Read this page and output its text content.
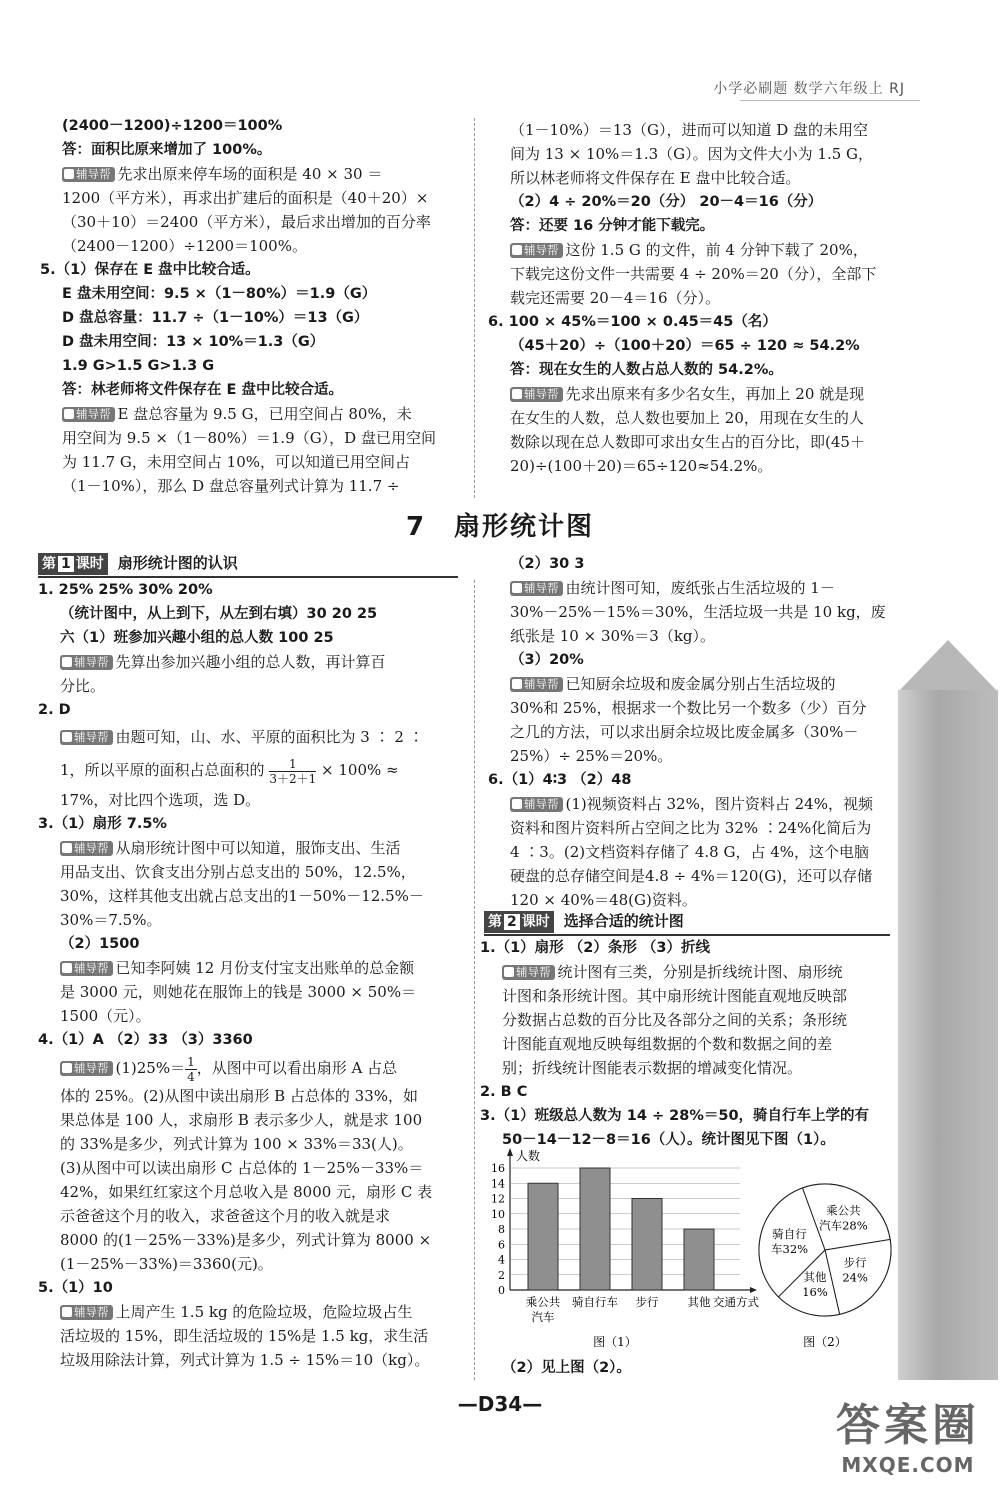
小学必刷题 数学六年级上 RJ

(2400－1200)÷1200＝100%

答：面积比原来增加了 100%。

辅导帮 先求出原来停车场的面积是 40 × 30 ＝

1200（平方米），再求出扩建后的面积是（40＋20）×

（30＋10）＝2400（平方米），最后求出增加的百分率

（2400－1200）÷1200＝100%。

5.（1）保存在 E 盘中比较合适。

E 盘未用空间：9.5 ×（1－80%）＝1.9（G）

D 盘总容量：11.7 ÷（1－10%）＝13（G）

D 盘未用空间：13 × 10%＝1.3（G）

1.9 G>1.5 G>1.3 G

答：林老师将文件保存在 E 盘中比较合适。

辅导帮 E 盘总容量为 9.5 G，已用空间占 80%，未

用空间为 9.5 ×（1－80%）＝1.9（G），D 盘已用空间

为 11.7 G，未用空间占 10%，可以知道已用空间占

（1－10%），那么 D 盘总容量列式计算为 11.7 ÷

（1－10%）＝13（G），进而可以知道 D 盘的未用空

间为 13 × 10%＝1.3（G）。因为文件大小为 1.5 G，

所以林老师将文件保存在 E 盘中比较合适。

（2）4 ÷ 20%＝20（分） 20－4＝16（分）

答：还要 16 分钟才能下载完。

辅导帮 这份 1.5 G 的文件，前 4 分钟下载了 20%，

下载完这份文件一共需要 4 ÷ 20%＝20（分），全部下

载完还需要 20－4＝16（分）。

6. 100 × 45%＝100 × 0.45＝45（名）

（45＋20）÷（100＋20）＝65 ÷ 120 ≈ 54.2%

答：现在女生的人数占总人数的 54.2%。

辅导帮 先求出原来有多少名女生，再加上 20 就是现

在女生的人数，总人数也要加上 20，用现在女生的人

数除以现在总人数即可求出女生占的百分比，即(45＋

20)÷(100＋20)＝65÷120≈54.2%。

7 扇形统计图
第 1 课时 扇形统计图的认识

1. 25% 25% 30% 20%

（统计图中，从上到下，从左到右填）30 20 25

六（1）班参加兴趣小组的总人数 100 25

辅导帮 先算出参加兴趣小组的总人数，再计算百

分比。

2. D

辅导帮 由题可知，山、水、平原的面积比为 3 ∶ 2 ∶

1，所以平原的面积占总面积的 $\frac{1}{3+2+1} \times 100\%$ ≈

17%，对比四个选项，选 D。

3.（1）扇形 7.5%

辅导帮 从扇形统计图中可以知道，服饰支出、生活

用品支出、饮食支出分别占总支出的 50%，12.5%，

30%，这样其他支出就占总支出的1－50%－12.5%－

30%＝7.5%。

（2）1500

辅导帮 已知李阿姨 12 月份支付宝支出账单的总金额

是 3000 元，则她花在服饰上的钱是 3000 × 50%＝

1500（元）。

4.（1）A （2）33 （3）3360

辅导帮 $(1)25\%= \frac{1}{4}$ ，从图中可以看出扇形 A 占总

体的 25%。(2)从图中读出扇形 B 占总体的 33%，如

果总体是 100 人，求扇形 B 表示多少人，就是求 100

的 33%是多少，列式计算为 100 × 33%＝33(人)。

(3)从图中可以读出扇形 C 占总体的 1－25%－33%＝

42%，如果红红家这个月总收入是 8000 元，扇形 C 表

示爸爸这个月的收入，求爸爸这个月的收入就是求

8000 的(1－25%－33%)是多少，列式计算为 8000 ×

(1－25%－33%)＝3360(元)。

5.（1）10

辅导帮 上周产生 1.5 kg 的危险垃圾，危险垃圾占生

活垃圾的 15%，即生活垃圾的 15%是 1.5 kg，求生活

垃圾用除法计算，列式计算为 1.5 ÷ 15%＝10（kg）。

（2）30 3

辅导帮 由统计图可知，废纸张占生活垃圾的 1－

30%－25%－15%＝30%，生活垃圾一共是 10 kg，废

纸张是 10 × 30%＝3（kg）。

（3）20%

辅导帮 已知厨余垃圾和废金属分别占生活垃圾的

30%和 25%，根据求一个数比另一个数多（少）百分

之几的方法，可以求出厨余垃圾比废金属多（30%－

25%）÷ 25%＝20%。

6.（1）4∶3 （2）48

辅导帮 (1)视频资料占 32%，图片资料占 24%，视频

资料和图片资料所占空间之比为 32% ∶24%化简后为

4 ∶3。(2)文档资料存储了 4.8 G，占 4%，这个电脑

硬盘的总存储空间是4.8 ÷ 4%＝120(G)，还可以存储

120 × 40%＝48(G)资料。

第 2 课时 选择合适的统计图

1.（1）扇形 （2）条形 （3）折线

辅导帮 统计图有三类，分别是折线统计图、扇形统

计图和条形统计图。其中扇形统计图能直观地反映部

分数据占总数的百分比及各部分之间的关系；条形统

计图能直观地反映每组数据的个数和数据之间的差

别；折线统计图能表示数据的增减变化情况。

2. B C

3.（1）班级总人数为 14 ÷ 28%＝50，骑自行车上学的有

50－14－12－8＝16（人）。统计图见下图（1）。

人数
0
2
4
6
8
10
12
14
16
乘公共
汽车
骑自行车 步行	其他 交通方式
图（1）
乘公共
汽车28%
步行
24%
其他
16%
骑自行
车32%
图（2）

（2）见上图（2）。

—D34—	答案圈
MXQE.COM
